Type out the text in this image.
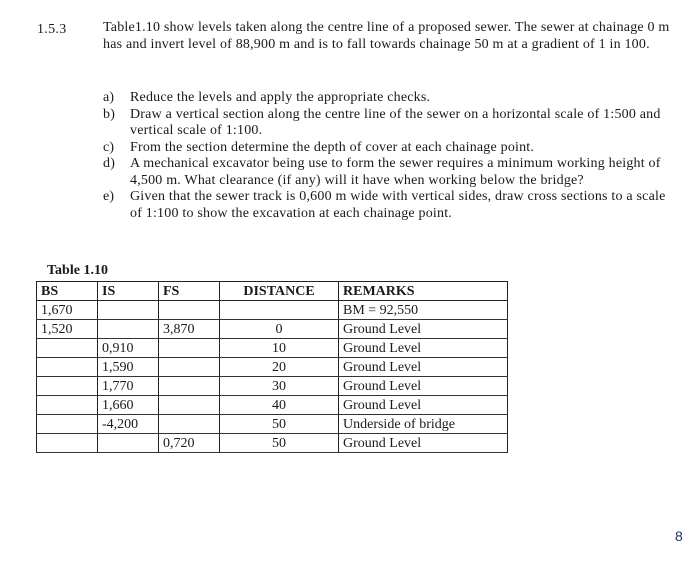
1.5.3	Table1.10 show levels taken along the centre line of a proposed sewer. The sewer at chainage 0 m has and invert level of 88,900 m and is to fall towards chainage 50 m at a gradient of 1 in 100.
a)	Reduce the levels and apply the appropriate checks.
b)	Draw a vertical section along the centre line of the sewer on a horizontal scale of 1:500 and vertical scale of 1:100.
c)	From the section determine the depth of cover at each chainage point.
d)	A mechanical excavator being use to form the sewer requires a minimum working height of 4,500 m. What clearance (if any) will it have when working below the bridge?
e)	Given that the sewer track is 0,600 m wide with vertical sides, draw cross sections to a scale of 1:100 to show the excavation at each chainage point.
Table 1.10
BS	IS	FS	DISTANCE	REMARKS
1,670				BM = 92,550
1,520		3,870	0	Ground Level
	0,910		10	Ground Level
	1,590		20	Ground Level
	1,770		30	Ground Level
	1,660		40	Ground Level
	-4,200		50	Underside of bridge
		0,720	50	Ground Level
8
